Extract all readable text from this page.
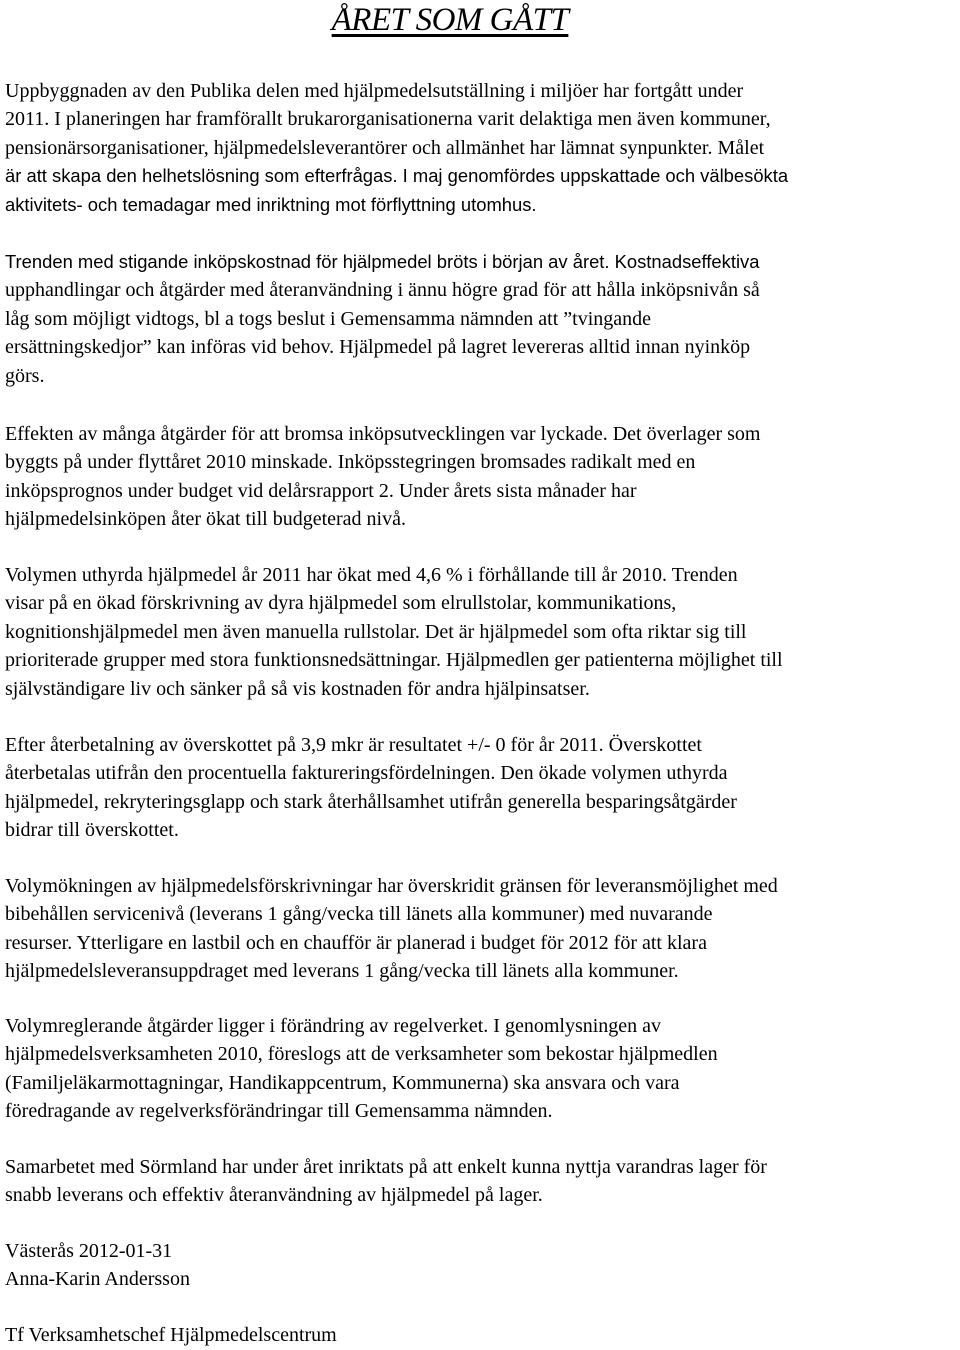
ÅRET SOM GÅTT
Uppbyggnaden av den Publika delen med hjälpmedelsutställning i miljöer har fortgått under
2011. I planeringen har framförallt brukarorganisationerna varit delaktiga men även kommuner,
pensionärsorganisationer, hjälpmedelsleverantörer och allmänhet har lämnat synpunkter. Målet
är att skapa den helhetslösning som efterfrågas. I maj genomfördes uppskattade och välbesökta
aktivitets- och temadagar med inriktning mot förflyttning utomhus.
Trenden med stigande inköpskostnad för hjälpmedel bröts i början av året. Kostnadseffektiva
upphandlingar och åtgärder med återanvändning i ännu högre grad för att hålla inköpsnivån så
låg som möjligt vidtogs, bl a togs beslut i Gemensamma nämnden att ”tvingande
ersättningskedjor” kan införas vid behov. Hjälpmedel på lagret levereras alltid innan nyinköp
görs.
Effekten av många åtgärder för att bromsa inköpsutvecklingen var lyckade. Det överlager som
byggts på under flyttåret 2010 minskade. Inköpsstegringen bromsades radikalt med en
inköpsprognos under budget vid delårsrapport 2. Under årets sista månader har
hjälpmedelsinköpen åter ökat till budgeterad nivå.
Volymen uthyrda hjälpmedel år 2011 har ökat med 4,6 % i förhållande till år 2010. Trenden
visar på en ökad förskrivning av dyra hjälpmedel som elrullstolar, kommunikations,
kognitionshjälpmedel men även manuella rullstolar. Det är hjälpmedel som ofta riktar sig till
prioriterade grupper med stora funktionsnedsättningar. Hjälpmedlen ger patienterna möjlighet till
självständigare liv och sänker på så vis kostnaden för andra hjälpinsatser.
Efter återbetalning av överskottet på 3,9 mkr är resultatet +/- 0 för år 2011. Överskottet
återbetalas utifrån den procentuella faktureringsfördelningen. Den ökade volymen uthyrda
hjälpmedel, rekryteringsglapp och stark återhållsamhet utifrån generella besparingsåtgärder
bidrar till överskottet.
Volymökningen av hjälpmedelsförskrivningar har överskridit gränsen för leveransmöjlighet med
bibehållen servicenivå (leverans 1 gång/vecka till länets alla kommuner) med nuvarande
resurser. Ytterligare en lastbil och en chaufför är planerad i budget för 2012 för att klara
hjälpmedelsleveransuppdraget med leverans 1 gång/vecka till länets alla kommuner.
Volymreglerande åtgärder ligger i förändring av regelverket. I genomlysningen av
hjälpmedelsverksamheten 2010, föreslogs att de verksamheter som bekostar hjälpmedlen
(Familjeläkarmottagningar, Handikappcentrum, Kommunerna) ska ansvara och vara
föredragande av regelverksförändringar till Gemensamma nämnden.
Samarbetet med Sörmland har under året inriktats på att enkelt kunna nyttja varandras lager för
snabb leverans och effektiv återanvändning av hjälpmedel på lager.
Västerås 2012-01-31
Anna-Karin Andersson
Tf Verksamhetschef Hjälpmedelscentrum
